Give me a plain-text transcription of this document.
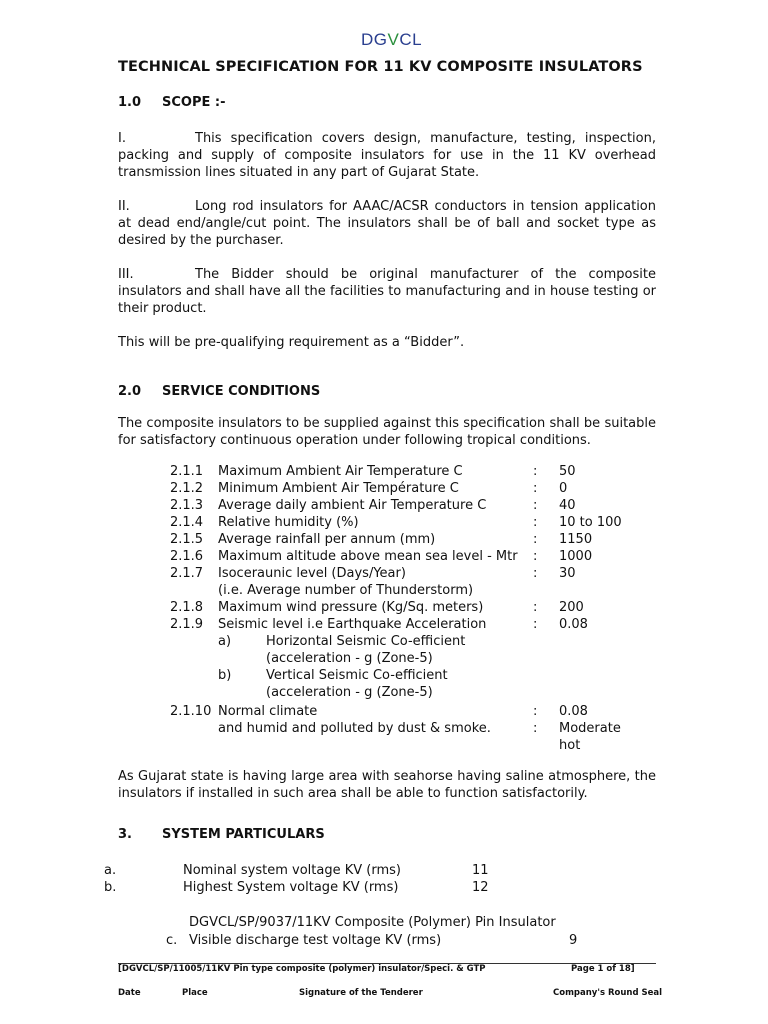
DGVCL
TECHNICAL SPECIFICATION FOR 11 KV COMPOSITE INSULATORS
1.0 SCOPE :-
I.	This specification covers design, manufacture, testing, inspection, packing and supply of composite insulators for use in the 11 KV overhead transmission lines situated in any part of Gujarat State.
II.	Long rod insulators for AAAC/ACSR conductors in tension application at dead end/angle/cut point. The insulators shall be of ball and socket type as desired by the purchaser.
III.	The Bidder should be original manufacturer of the composite insulators and shall have all the facilities to manufacturing and in house testing or their product.
This will be pre-qualifying requirement as a “Bidder”.
2.0 SERVICE CONDITIONS
The composite insulators to be supplied against this specification shall be suitable for satisfactory continuous operation under following tropical conditions.
2.1.1 Maximum Ambient Air Temperature C	: 50
2.1.2 Minimum Ambient Air Température C	: 0
2.1.3 Average daily ambient Air Temperature C	: 40
2.1.4 Relative humidity (%)	: 10 to 100
2.1.5 Average rainfall per annum (mm)	: 1150
2.1.6 Maximum altitude above mean sea level - Mtr : 1000
2.1.7 Isoceraunic level (Days/Year)	: 30
(i.e. Average number of Thunderstorm)
2.1.8 Maximum wind pressure (Kg/Sq. meters)	: 200
2.1.9 Seismic level i.e Earthquake Acceleration	: 0.08
a)	Horizontal Seismic Co-efficient
(acceleration - g (Zone-5)
b)	Vertical Seismic Co-efficient
(acceleration - g (Zone-5)
2.1.10 Normal climate	: 0.08
and humid and polluted by dust & smoke.	: Moderate
hot
As Gujarat state is having large area with seahorse having saline atmosphere, the insulators if installed in such area shall be able to function satisfactorily.
3. SYSTEM PARTICULARS
a.	Nominal system voltage KV (rms)	11
b.	Highest System voltage KV (rms)	12
DGVCL/SP/9037/11KV Composite (Polymer) Pin Insulator
c. Visible discharge test voltage KV (rms)	9
[DGVCL/SP/11005/11KV Pin type composite (polymer) insulator/Speci. & GTP	Page 1 of 18]
Date	Place	Signature of the Tenderer	Company's Round Seal
